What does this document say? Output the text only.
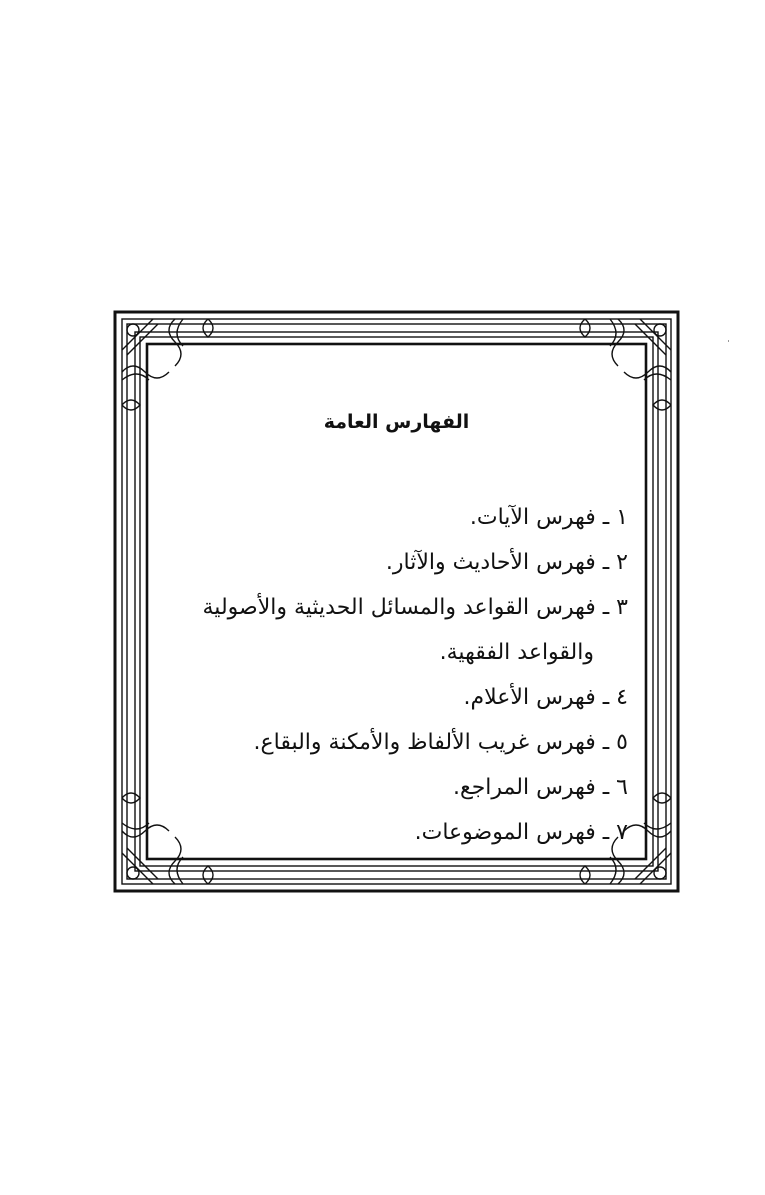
الفهارس العامة
١ ـ فهرس الآيات.
٢ ـ فهرس الأحاديث والآثار.
٣ ـ فهرس القواعد والمسائل الحديثية والأصولية
والقواعد الفقهية.
٤ ـ فهرس الأعلام.
٥ ـ فهرس غريب الألفاظ والأمكنة والبقاع.
٦ ـ فهرس المراجع.
٧ ـ فهرس الموضوعات.
